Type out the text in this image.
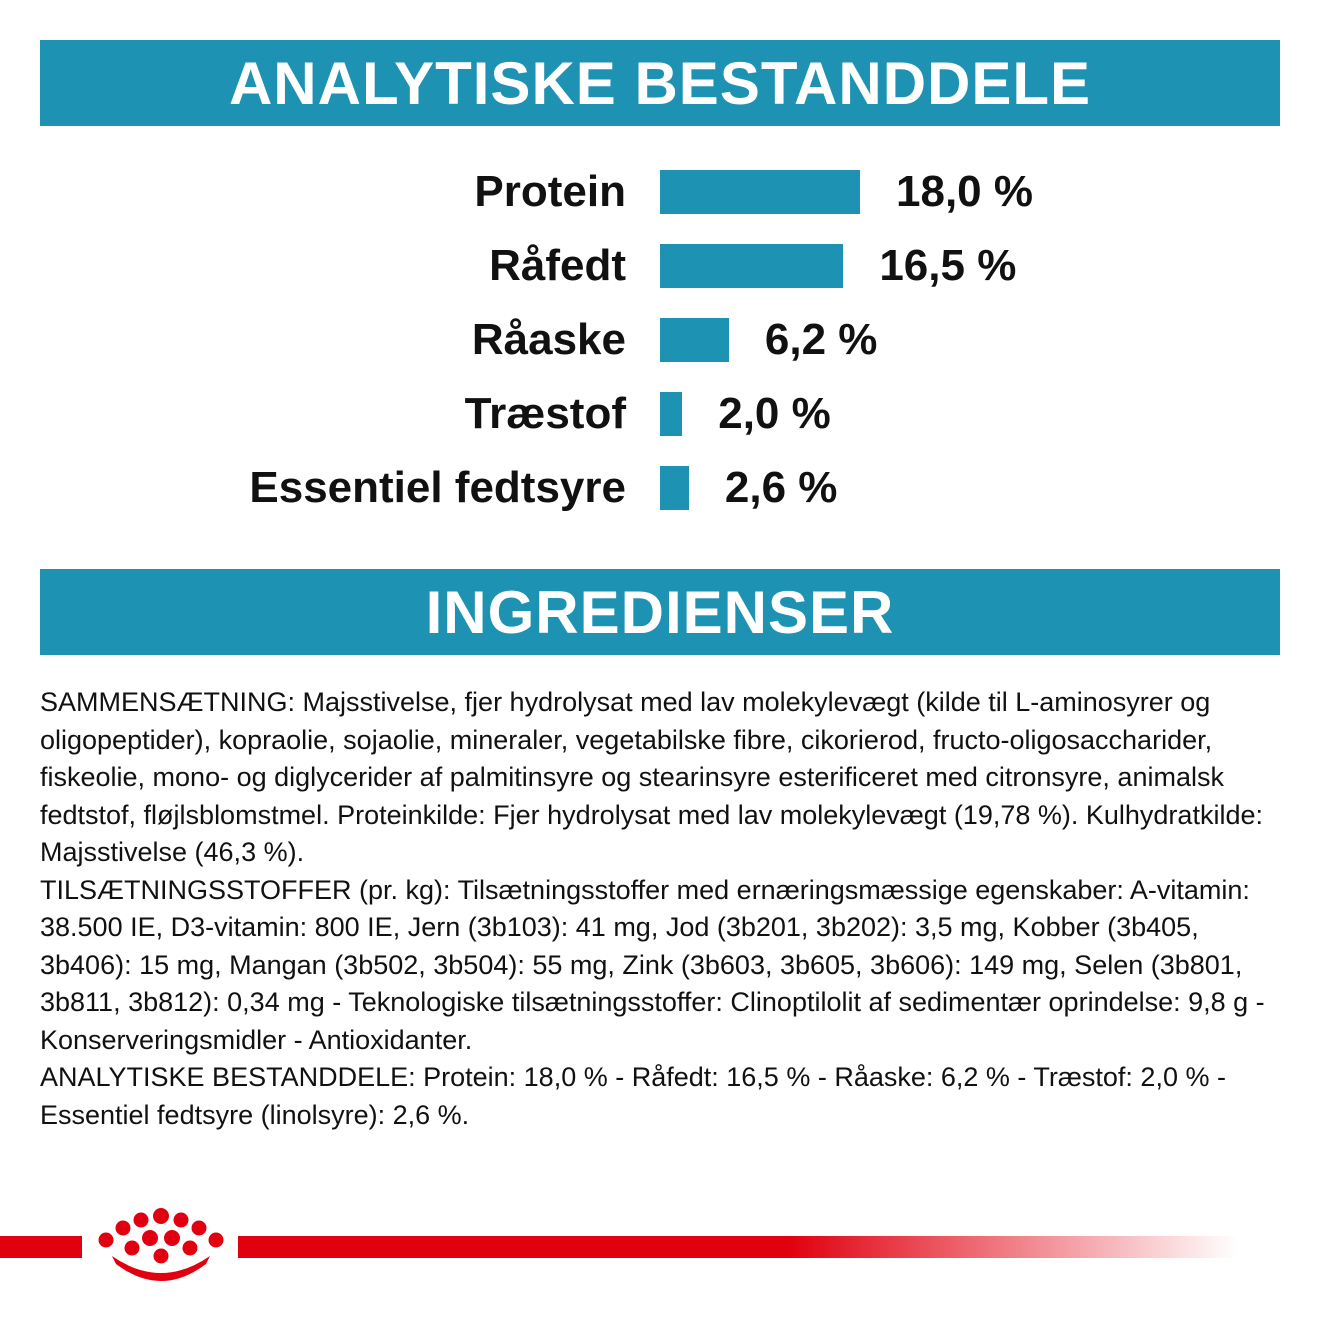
ANALYTISKE BESTANDDELE
Protein	18,0 %
Råfedt	16,5 %
Råaske	6,2 %
Træstof 2,0 %
Essentiel fedtsyre 2,6 %
INGREDIENSER

SAMMENSÆTNING: Majsstivelse, fjer hydrolysat med lav molekylevægt (kilde til L-aminosyrer og oligopeptider), kopraolie, sojaolie, mineraler, vegetabilske fibre, cikorierod, fructo-oligosaccharider, fiskeolie, mono- og diglycerider af palmitinsyre og stearinsyre esterificeret med citronsyre, animalsk fedtstof, fløjlsblomstmel. Proteinkilde: Fjer hydrolysat med lav molekylevægt (19,78 %). Kulhydratkilde: Majsstivelse (46,3 %).

TILSÆTNINGSSTOFFER (pr. kg): Tilsætningsstoffer med ernæringsmæssige egenskaber: A-vitamin: 38.500 IE, D3-vitamin: 800 IE, Jern (3b103): 41 mg, Jod (3b201, 3b202): 3,5 mg, Kobber (3b405, 3b406): 15 mg, Mangan (3b502, 3b504): 55 mg, Zink (3b603, 3b605, 3b606): 149 mg, Selen (3b801, 3b811, 3b812): 0,34 mg - Teknologiske tilsætningsstoffer: Clinoptilolit af sedimentær oprindelse: 9,8 g - Konserveringsmidler - Antioxidanter.

ANALYTISKE BESTANDDELE: Protein: 18,0 % - Råfedt: 16,5 % - Råaske: 6,2 % - Træstof: 2,0 % - Essentiel fedtsyre (linolsyre): 2,6 %.
